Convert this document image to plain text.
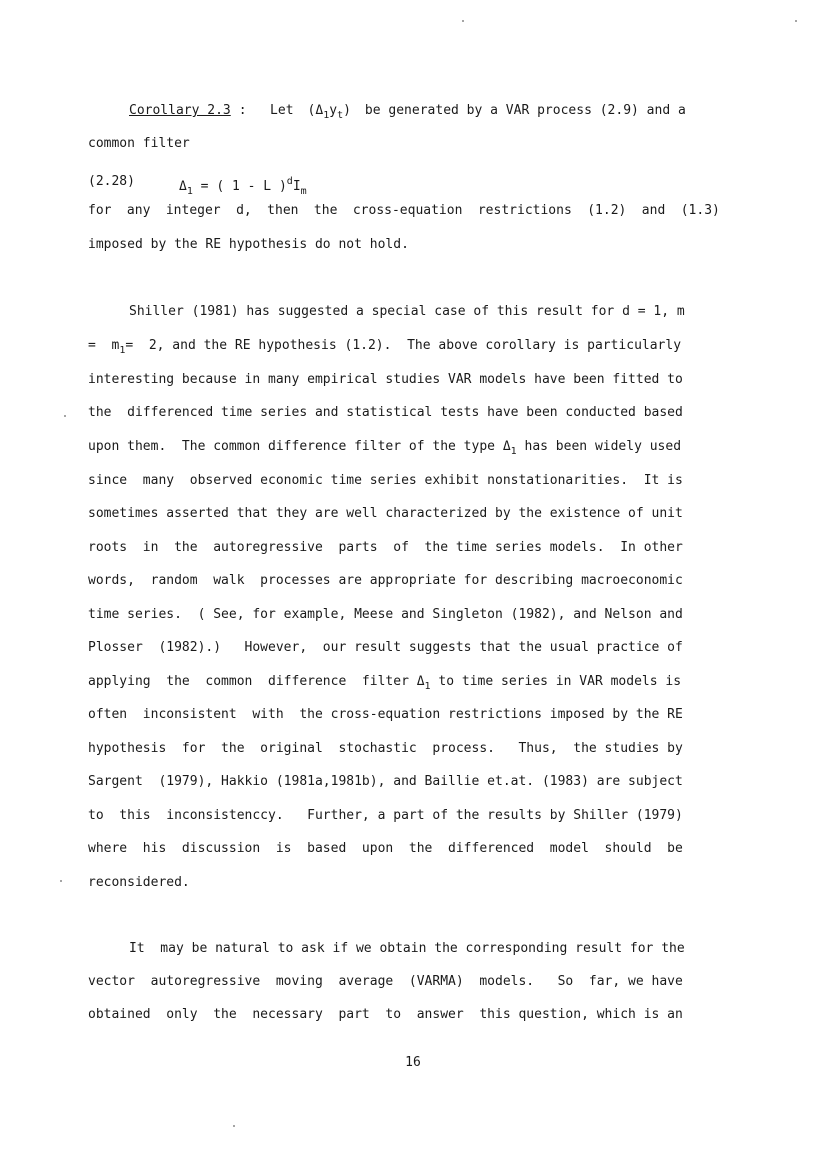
Corollary 2.3 :   Let $(\Delta_1y_t)$ be generated by a VAR process (2.9) and a
common filter
(2.28)	$\Delta_1$ = ( 1 - L )$^dI_m$
for any integer d, then the cross-equation restrictions (1.2) and (1.3)
imposed by the RE hypothesis do not hold.
Shiller (1981) has suggested a special case of this result for d = 1, m
=  $m_1= 2$, and the RE hypothesis (1.2).  The above corollary is particularly
interesting because in many empirical studies VAR models have been fitted to
the  differenced time series and statistical tests have been conducted based
upon them.  The common difference filter of the type $\Delta_1$ has been widely used
since  many  observed economic time series exhibit nonstationarities.  It is
sometimes asserted that they are well characterized by the existence of unit
roots  in  the  autoregressive  parts  of  the time series models.  In other
words,  random  walk  processes are appropriate for describing macroeconomic
time series.  ( See, for example, Meese and Singleton (1982), and Nelson and
Plosser  (1982).)   However,  our result suggests that the usual practice of
applying  the  common  difference  filter $\Delta_1$ to time series in VAR models is
often  inconsistent  with  the cross-equation restrictions imposed by the RE
hypothesis  for  the  original  stochastic  process.   Thus,  the studies by
Sargent  (1979), Hakkio (1981a,1981b), and Baillie et.at. (1983) are subject
to  this  inconsistenccy.   Further, a part of the results by Shiller (1979)
where  his  discussion  is  based  upon  the  differenced  model  should  be
reconsidered.
It  may be natural to ask if we obtain the corresponding result for the
vector  autoregressive  moving  average  (VARMA)  models.   So  far, we have
obtained  only  the  necessary  part  to  answer  this question, which is an
16
